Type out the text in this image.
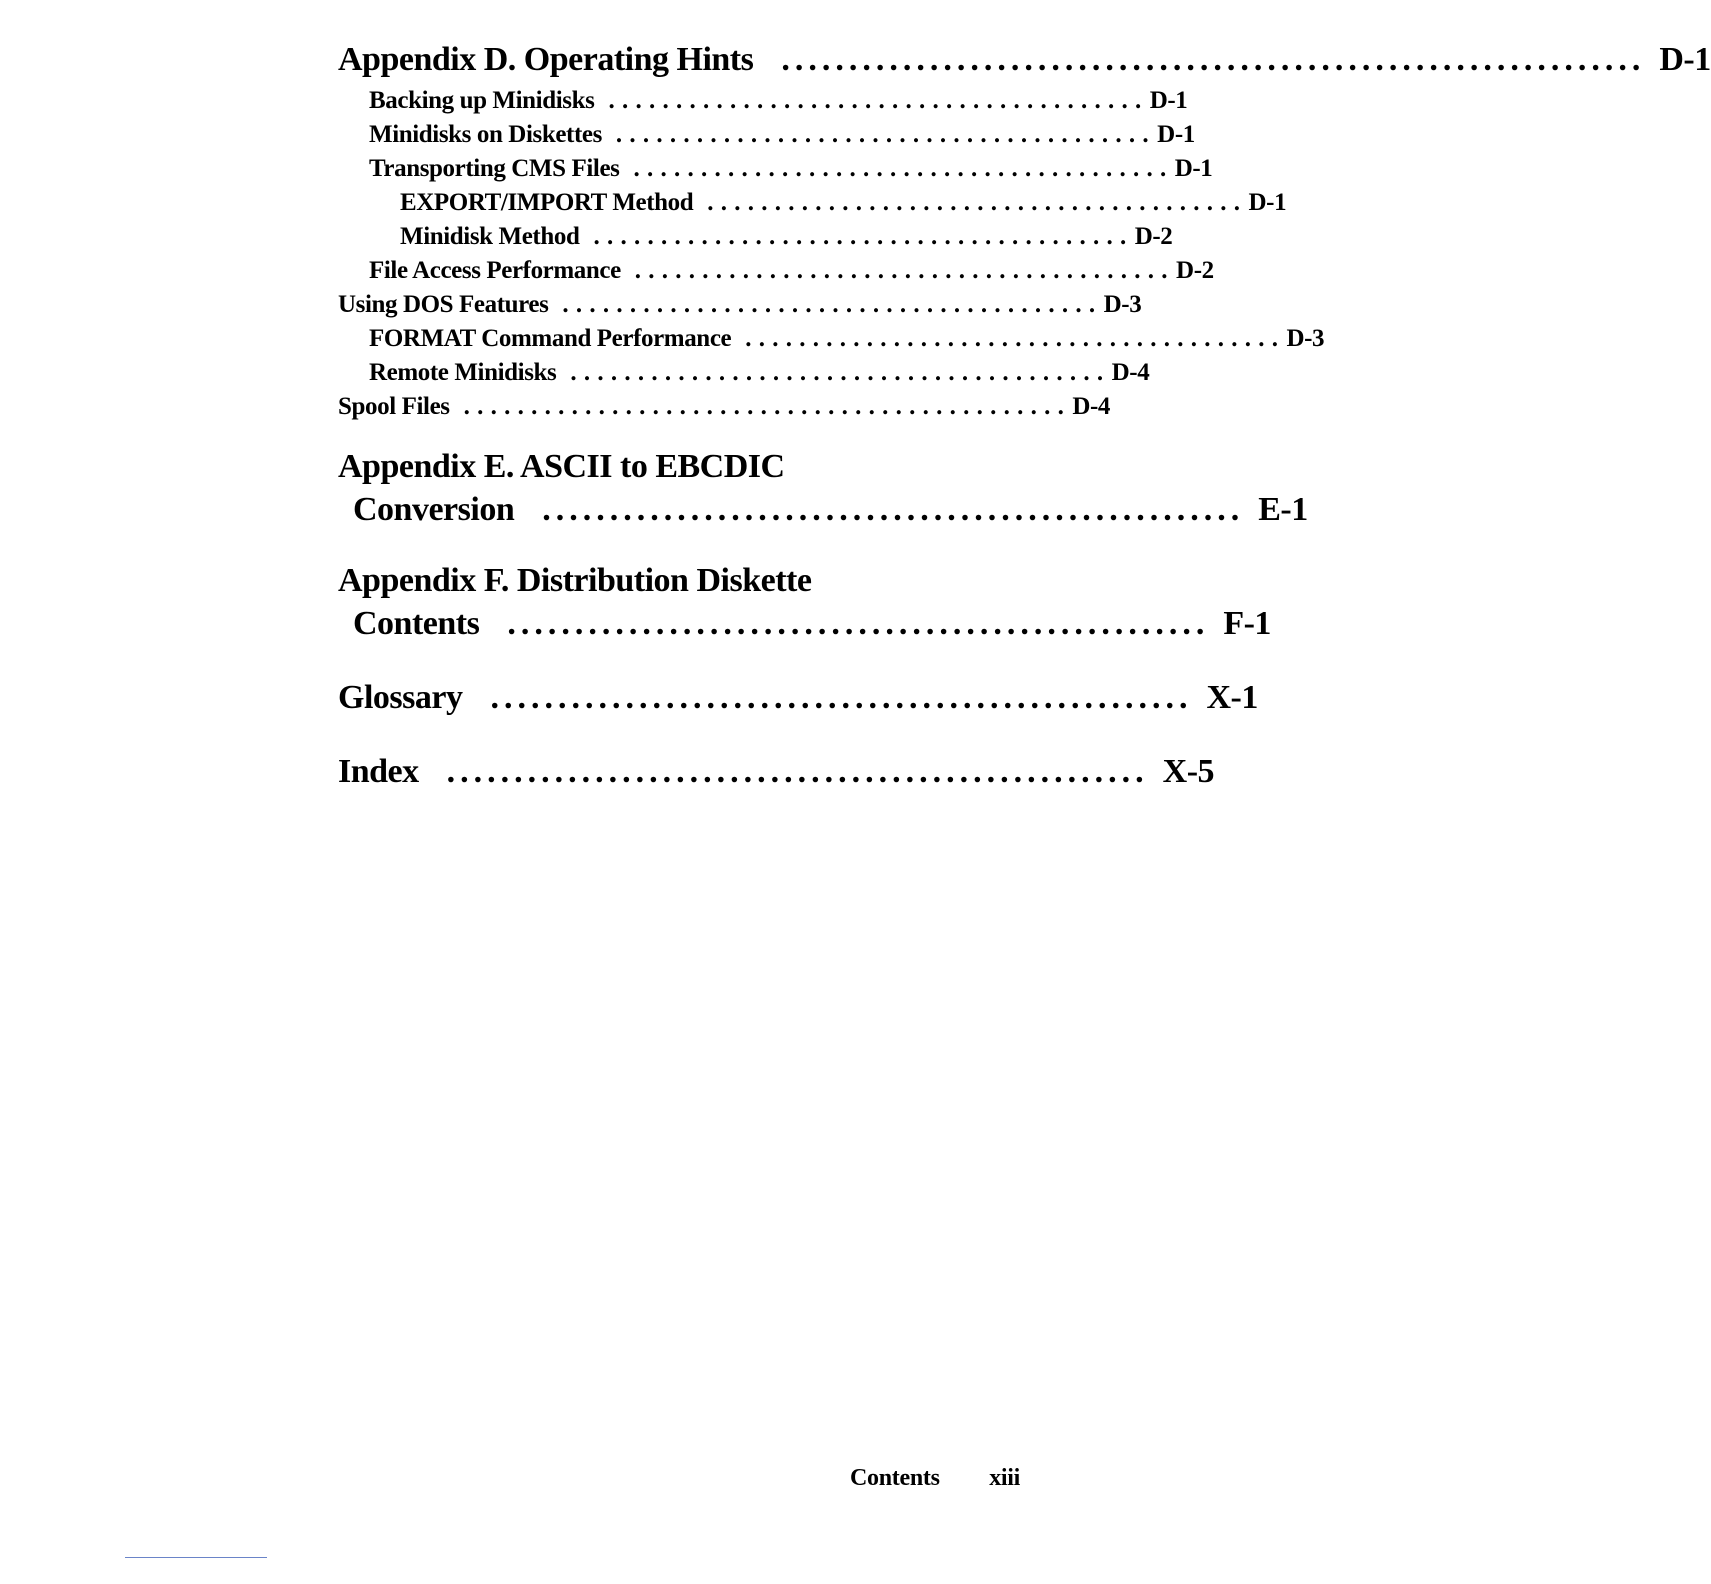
Appendix D. Operating Hints ................................................................ D-1
Backing up Minidisks . . . . . . . . . . . . . . . . . . . . . . . . . . . . . . . . . . . . . . . . D-1
Minidisks on Diskettes . . . . . . . . . . . . . . . . . . . . . . . . . . . . . . . . . . . . . . . . D-1
Transporting CMS Files . . . . . . . . . . . . . . . . . . . . . . . . . . . . . . . . . . . . . . . . D-1
EXPORT/IMPORT Method . . . . . . . . . . . . . . . . . . . . . . . . . . . . . . . . . . . . . . . . D-1
Minidisk Method . . . . . . . . . . . . . . . . . . . . . . . . . . . . . . . . . . . . . . . . D-2
File Access Performance . . . . . . . . . . . . . . . . . . . . . . . . . . . . . . . . . . . . . . . . D-2
Using DOS Features . . . . . . . . . . . . . . . . . . . . . . . . . . . . . . . . . . . . . . . . D-3
FORMAT Command Performance . . . . . . . . . . . . . . . . . . . . . . . . . . . . . . . . . . . . . . . . D-3
Remote Minidisks . . . . . . . . . . . . . . . . . . . . . . . . . . . . . . . . . . . . . . . . D-4
Spool Files . . . . . . . . . . . . . . . . . . . . . . . . . . . . . . . . . . . . . . . . . . . . . D-4
Appendix E. ASCII to EBCDIC
Conversion .................................................... E-1
Appendix F. Distribution Diskette
Contents .................................................... F-1
Glossary .................................................... X-1
Index .................................................... X-5
Contents xiii
